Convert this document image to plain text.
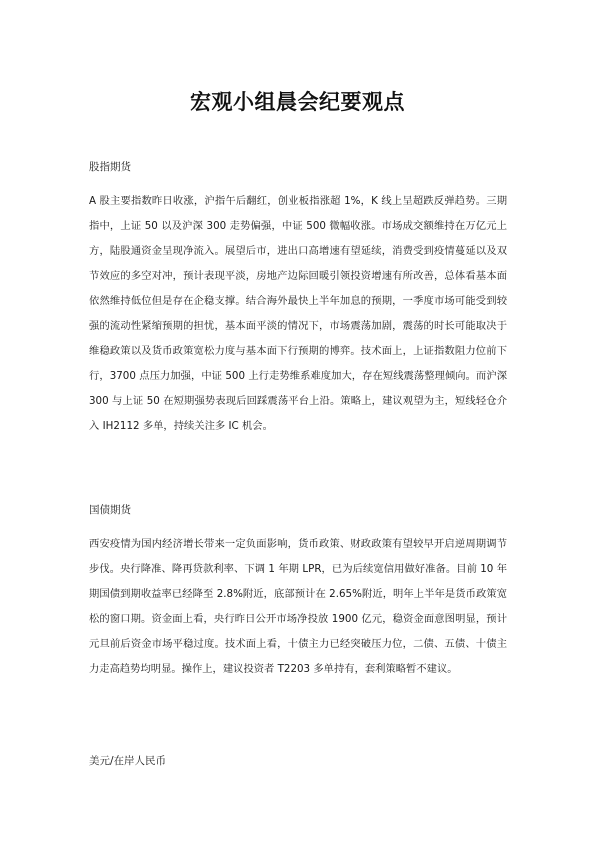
宏观小组晨会纪要观点
股指期货
A 股主要指数昨日收涨，沪指午后翻红，创业板指涨超 1%，K 线上呈超跌反弹趋势。三期指中，上证 50 以及沪深 300 走势偏强，中证 500 微幅收涨。市场成交额维持在万亿元上方，陆股通资金呈现净流入。展望后市，进出口高增速有望延续，消费受到疫情蔓延以及双节效应的多空对冲，预计表现平淡，房地产边际回暖引领投资增速有所改善，总体看基本面依然维持低位但是存在企稳支撑。结合海外最快上半年加息的预期，一季度市场可能受到较强的流动性紧缩预期的担忧，基本面平淡的情况下，市场震荡加剧，震荡的时长可能取决于维稳政策以及货币政策宽松力度与基本面下行预期的博弈。技术面上，上证指数阻力位前下行，3700 点压力加强，中证 500 上行走势维系难度加大，存在短线震荡整理倾向。而沪深 300 与上证 50 在短期强势表现后回踩震荡平台上沿。策略上，建议观望为主，短线轻仓介入 IH2112 多单，持续关注多 IC 机会。
国债期货
西安疫情为国内经济增长带来一定负面影响，货币政策、财政政策有望较早开启逆周期调节步伐。央行降准、降再贷款利率、下调 1 年期 LPR，已为后续宽信用做好准备。目前 10 年期国债到期收益率已经降至 2.8%附近，底部预计在 2.65%附近，明年上半年是货币政策宽松的窗口期。资金面上看，央行昨日公开市场净投放 1900 亿元，稳资金面意图明显，预计元旦前后资金市场平稳过度。技术面上看，十债主力已经突破压力位，二债、五债、十债主力走高趋势均明显。操作上，建议投资者 T2203 多单持有，套利策略暂不建议。
美元/在岸人民币
